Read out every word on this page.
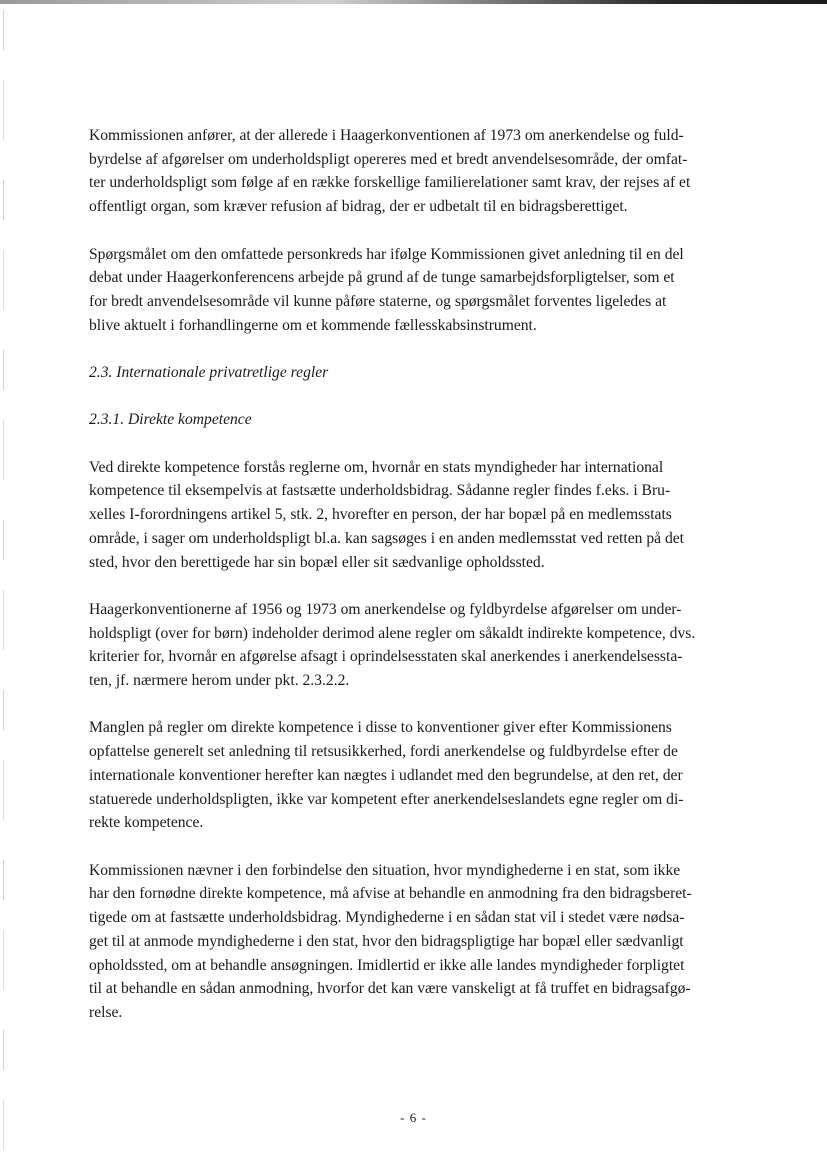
Kommissionen anfører, at der allerede i Haagerkonventionen af 1973 om anerkendelse og fuld-
byrdelse af afgørelser om underholdspligt opereres med et bredt anvendelsesområde, der omfat-
ter underholdspligt som følge af en række forskellige familierelationer samt krav, der rejses af et
offentligt organ, som kræver refusion af bidrag, der er udbetalt til en bidragsberettiget.

Spørgsmålet om den omfattede personkreds har ifølge Kommissionen givet anledning til en del
debat under Haagerkonferencens arbejde på grund af de tunge samarbejdsforpligtelser, som et
for bredt anvendelsesområde vil kunne påføre staterne, og spørgsmålet forventes ligeledes at
blive aktuelt i forhandlingerne om et kommende fællesskabsinstrument.

2.3. Internationale privatretlige regler

2.3.1. Direkte kompetence

Ved direkte kompetence forstås reglerne om, hvornår en stats myndigheder har international
kompetence til eksempelvis at fastsætte underholdsbidrag. Sådanne regler findes f.eks. i Bru-
xelles I-forordningens artikel 5, stk. 2, hvorefter en person, der har bopæl på en medlemsstats
område, i sager om underholdspligt bl.a. kan sagsøges i en anden medlemsstat ved retten på det
sted, hvor den berettigede har sin bopæl eller sit sædvanlige opholdssted.

Haagerkonventionerne af 1956 og 1973 om anerkendelse og fyldbyrdelse afgørelser om under-
holdspligt (over for børn) indeholder derimod alene regler om såkaldt indirekte kompetence, dvs.
kriterier for, hvornår en afgørelse afsagt i oprindelsesstaten skal anerkendes i anerkendelsessta-
ten, jf. nærmere herom under pkt. 2.3.2.2.

Manglen på regler om direkte kompetence i disse to konventioner giver efter Kommissionens
opfattelse generelt set anledning til retsusikkerhed, fordi anerkendelse og fuldbyrdelse efter de
internationale konventioner herefter kan nægtes i udlandet med den begrundelse, at den ret, der
statuerede underholdspligten, ikke var kompetent efter anerkendelseslandets egne regler om di-
rekte kompetence.

Kommissionen nævner i den forbindelse den situation, hvor myndighederne i en stat, som ikke
har den fornødne direkte kompetence, må afvise at behandle en anmodning fra den bidragsberet-
tigede om at fastsætte underholdsbidrag. Myndighederne i en sådan stat vil i stedet være nødsa-
get til at anmode myndighederne i den stat, hvor den bidragspligtige har bopæl eller sædvanligt
opholdssted, om at behandle ansøgningen. Imidlertid er ikke alle landes myndigheder forpligtet
til at behandle en sådan anmodning, hvorfor det kan være vanskeligt at få truffet en bidragsafgø-
relse.

- 6 -
